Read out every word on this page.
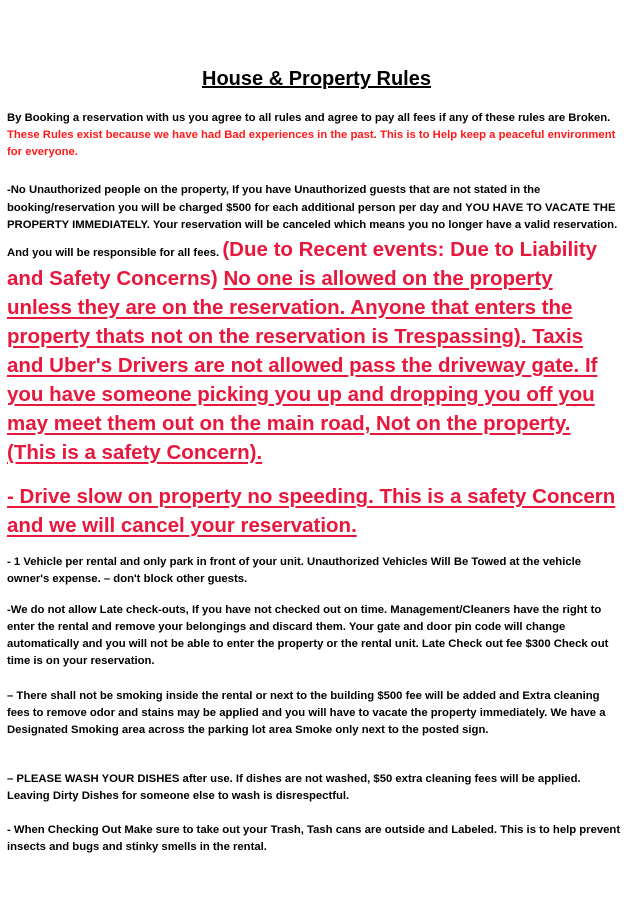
House & Property Rules

By Booking a reservation with us you agree to all rules and agree to pay all fees if any of these rules are Broken. These Rules exist because we have had Bad experiences in the past. This is to Help keep a peaceful environment for everyone.

-No Unauthorized people on the property, If you have Unauthorized guests that are not stated in the booking/reservation you will be charged $500 for each additional person per day and YOU HAVE TO VACATE THE PROPERTY IMMEDIATELY. Your reservation will be canceled which means you no longer have a valid reservation. And you will be responsible for all fees. (Due to Recent events: Due to Liability and Safety Concerns) No one is allowed on the property unless they are on the reservation. Anyone that enters the property thats not on the reservation is Trespassing). Taxis and Uber's Drivers are not allowed pass the driveway gate. If you have someone picking you up and dropping you off you may meet them out on the main road, Not on the property. (This is a safety Concern).

- Drive slow on property no speeding. This is a safety Concern and we will cancel your reservation.

- 1 Vehicle per rental and only park in front of your unit. Unauthorized Vehicles Will Be Towed at the vehicle owner's expense. – don't block other guests.

-We do not allow Late check-outs, If you have not checked out on time. Management/Cleaners have the right to enter the rental and remove your belongings and discard them. Your gate and door pin code will change automatically and you will not be able to enter the property or the rental unit. Late Check out fee $300 Check out time is on your reservation.

– There shall not be smoking inside the rental or next to the building $500 fee will be added and Extra cleaning fees to remove odor and stains may be applied and you will have to vacate the property immediately. We have a Designated Smoking area across the parking lot area Smoke only next to the posted sign.

– PLEASE WASH YOUR DISHES after use. If dishes are not washed, $50 extra cleaning fees will be applied. Leaving Dirty Dishes for someone else to wash is disrespectful.

- When Checking Out Make sure to take out your Trash, Tash cans are outside and Labeled. This is to help prevent insects and bugs and stinky smells in the rental.
